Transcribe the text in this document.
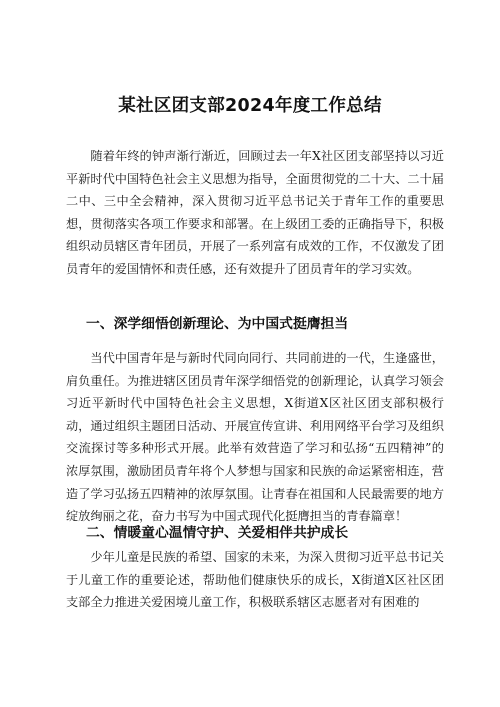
某社区团支部2024年度工作总结

随着年终的钟声渐行渐近，回顾过去一年X社区团支部坚持以习近平新时代中国特色社会主义思想为指导，全面贯彻党的二十大、二十届二中、三中全会精神，深入贯彻习近平总书记关于青年工作的重要思想，贯彻落实各项工作要求和部署。在上级团工委的正确指导下，积极组织动员辖区青年团员，开展了一系列富有成效的工作，不仅激发了团员青年的爱国情怀和责任感，还有效提升了团员青年的学习实效。

一、深学细悟创新理论、为中国式挺膺担当

当代中国青年是与新时代同向同行、共同前进的一代，生逢盛世，肩负重任。为推进辖区团员青年深学细悟党的创新理论，认真学习领会习近平新时代中国特色社会主义思想，X街道X区社区团支部积极行动，通过组织主题团日活动、开展宣传宣讲、利用网络平台学习及组织交流探讨等多种形式开展。此举有效营造了学习和弘扬“五四精神”的浓厚氛围，激励团员青年将个人梦想与国家和民族的命运紧密相连，营造了学习弘扬五四精神的浓厚氛围。让青春在祖国和人民最需要的地方绽放绚丽之花，奋力书写为中国式现代化挺膺担当的青春篇章！

二、情暖童心温情守护、关爱相伴共护成长

少年儿童是民族的希望、国家的未来，为深入贯彻习近平总书记关于儿童工作的重要论述，帮助他们健康快乐的成长，X街道X区社区团支部全力推进关爱困境儿童工作，积极联系辖区志愿者对有困难的
